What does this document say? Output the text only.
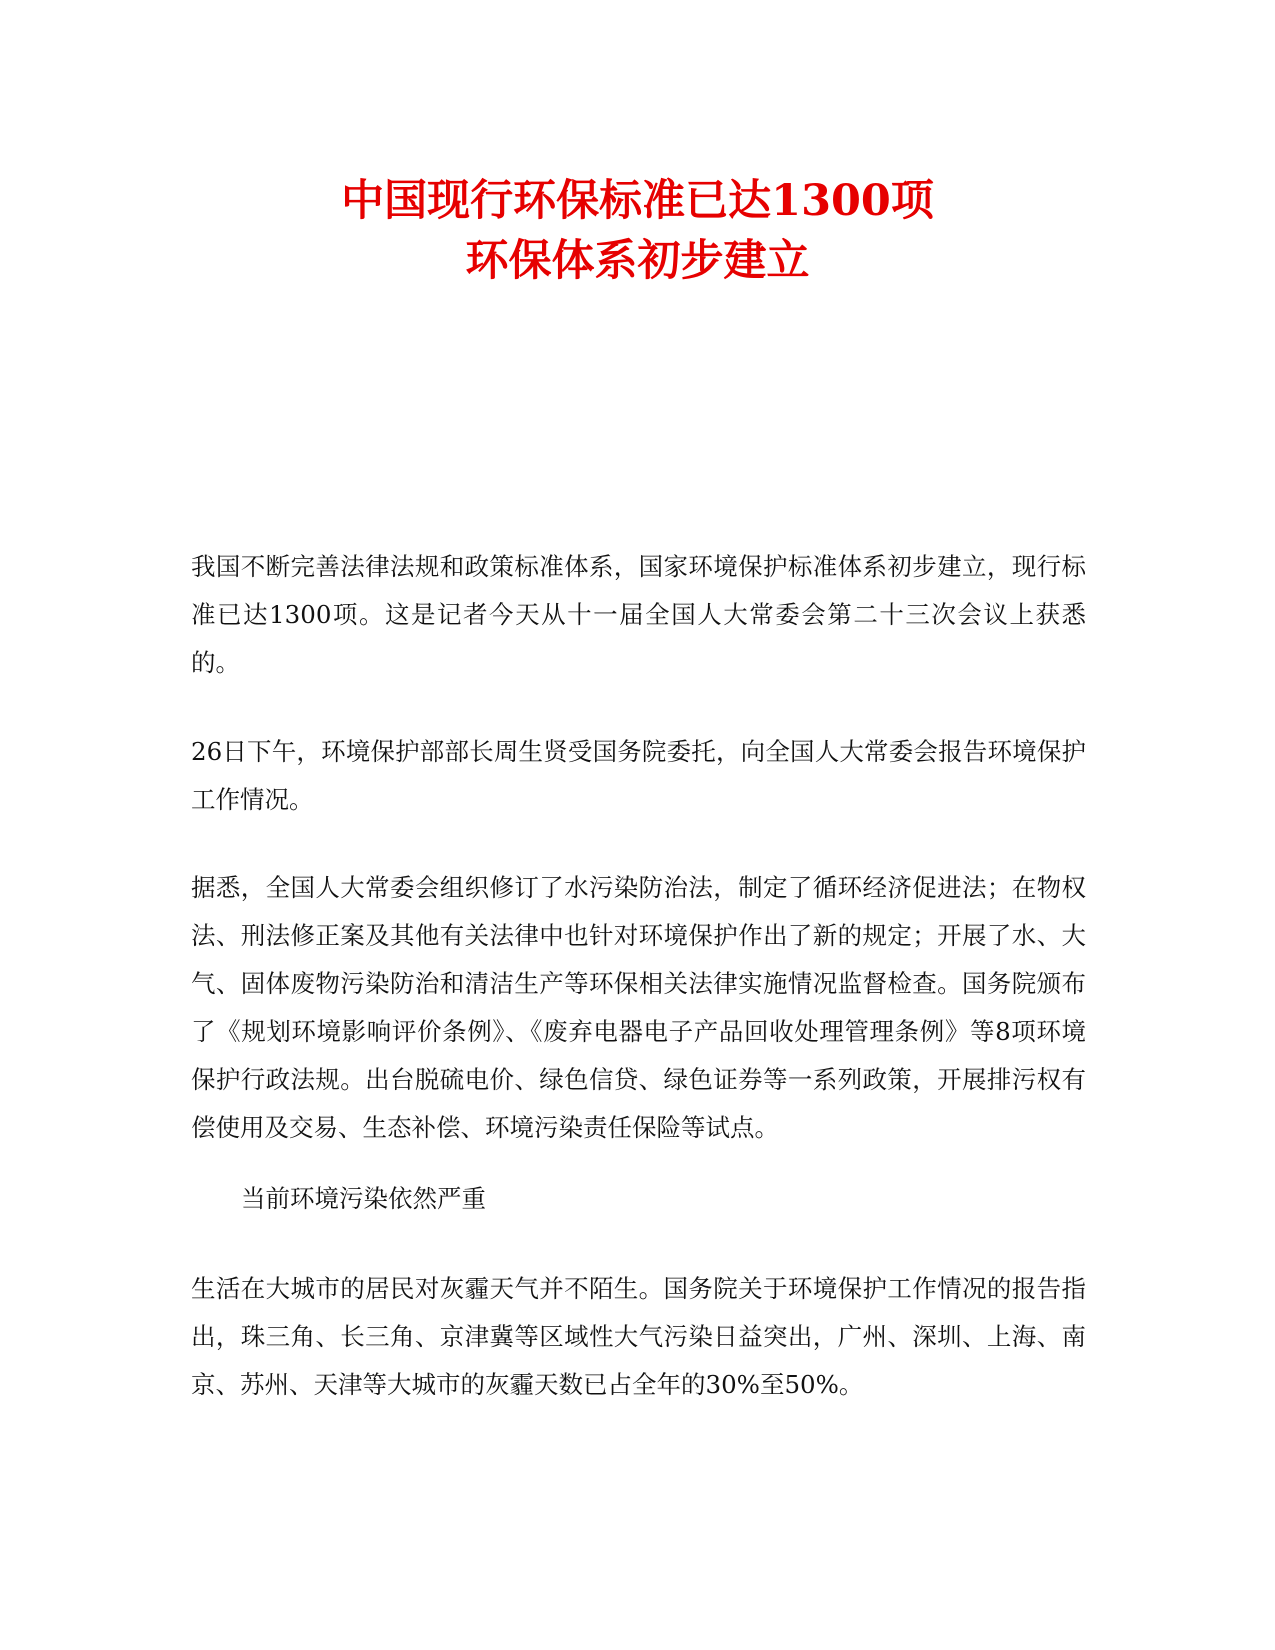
中国现行环保标准已达1300项
环保体系初步建立

我国不断完善法律法规和政策标准体系，国家环境保护标准体系初步建立，现行标准已达1300项。这是记者今天从十一届全国人大常委会第二十三次会议上获悉的。

26日下午，环境保护部部长周生贤受国务院委托，向全国人大常委会报告环境保护工作情况。

据悉，全国人大常委会组织修订了水污染防治法，制定了循环经济促进法；在物权法、刑法修正案及其他有关法律中也针对环境保护作出了新的规定；开展了水、大气、固体废物污染防治和清洁生产等环保相关法律实施情况监督检查。国务院颁布了《规划环境影响评价条例》、《废弃电器电子产品回收处理管理条例》等8项环境保护行政法规。出台脱硫电价、绿色信贷、绿色证券等一系列政策，开展排污权有偿使用及交易、生态补偿、环境污染责任保险等试点。

当前环境污染依然严重

生活在大城市的居民对灰霾天气并不陌生。国务院关于环境保护工作情况的报告指出，珠三角、长三角、京津冀等区域性大气污染日益突出，广州、深圳、上海、南京、苏州、天津等大城市的灰霾天数已占全年的30%至50%。
